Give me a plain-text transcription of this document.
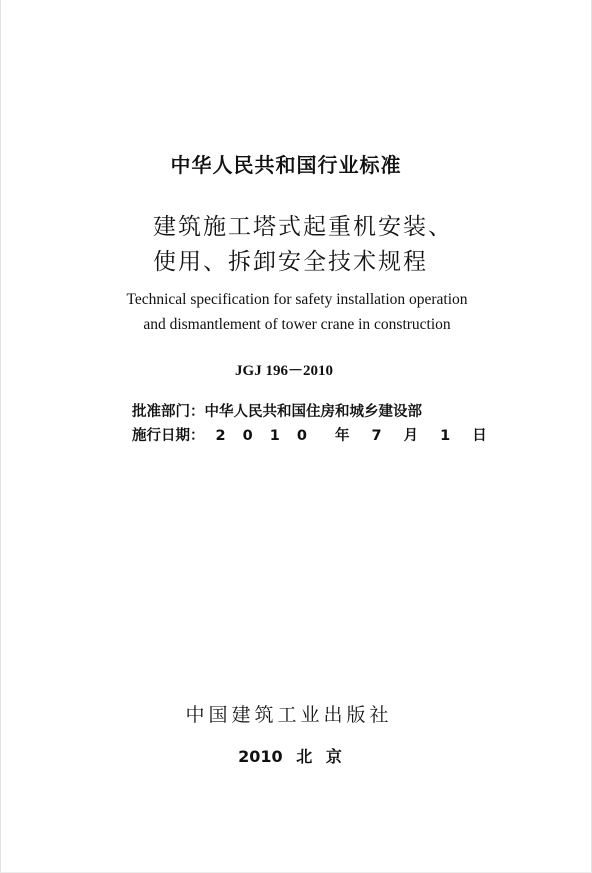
中华人民共和国行业标准
建筑施工塔式起重机安装、
使用、拆卸安全技术规程
Technical specification for safety installation operation
and dismantlement of tower crane in construction
JGJ 196－2010
批准部门：中华人民共和国住房和城乡建设部
施行日期： 2 0 1 0 年 7 月 1 日
中国建筑工业出版社
2010 北 京
